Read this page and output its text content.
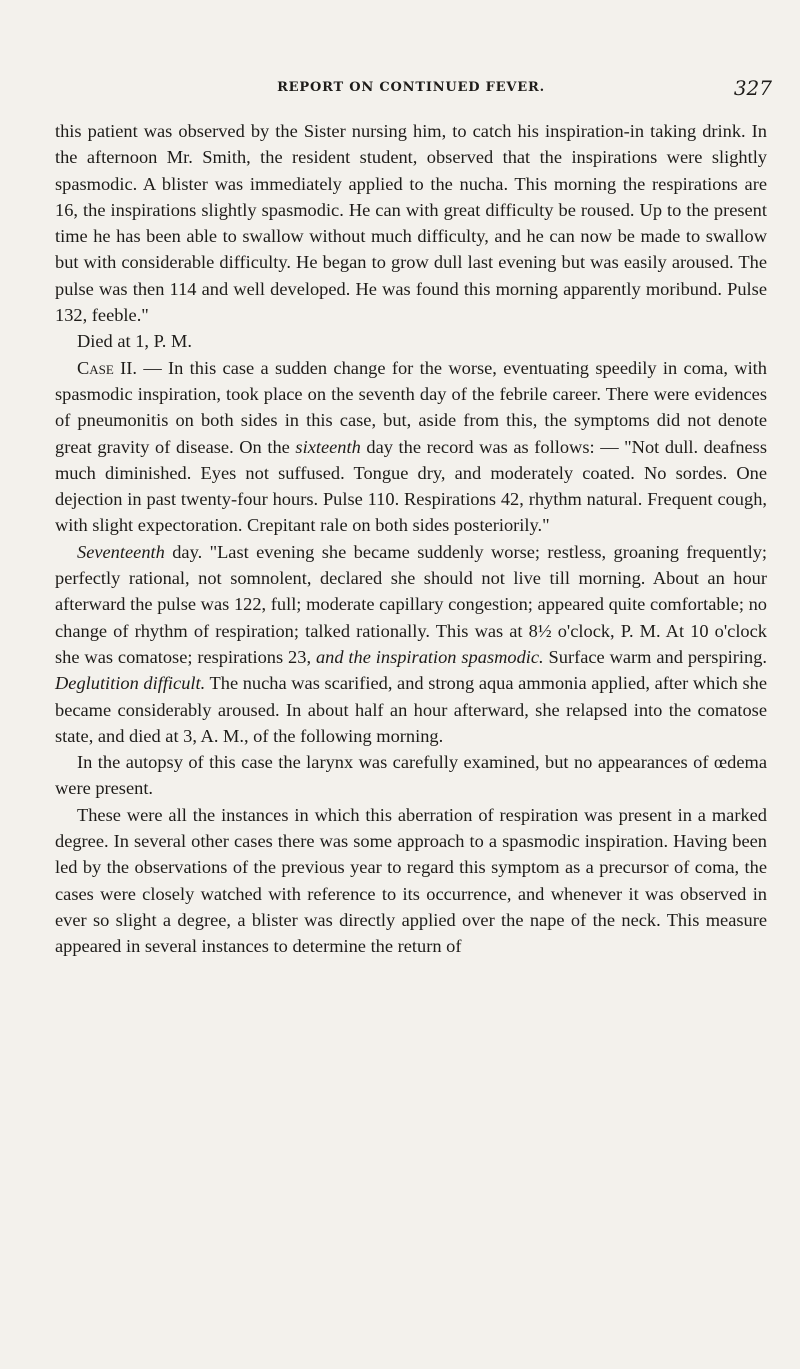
REPORT ON CONTINUED FEVER.	327

this patient was observed by the Sister nursing him, to catch his inspiration-in taking drink. In the afternoon Mr. Smith, the resident student, observed that the inspirations were slightly spasmodic. A blister was immediately applied to the nucha. This morning the respirations are 16, the inspirations slightly spasmodic. He can with great difficulty be roused. Up to the present time he has been able to swallow without much difficulty, and he can now be made to swallow but with considerable difficulty. He began to grow dull last evening but was easily aroused. The pulse was then 114 and well developed. He was found this morning apparently moribund. Pulse 132, feeble."

Died at 1, P. M.

Case II. — In this case a sudden change for the worse, eventuating speedily in coma, with spasmodic inspiration, took place on the seventh day of the febrile career. There were evidences of pneumonitis on both sides in this case, but, aside from this, the symptoms did not denote great gravity of disease. On the sixteenth day the record was as follows: — "Not dull. deafness much diminished. Eyes not suffused. Tongue dry, and moderately coated. No sordes. One dejection in past twenty-four hours. Pulse 110. Respirations 42, rhythm natural. Frequent cough, with slight expectoration. Crepitant rale on both sides posteriorily."

Seventeenth day. "Last evening she became suddenly worse; restless, groaning frequently; perfectly rational, not somnolent, declared she should not live till morning. About an hour afterward the pulse was 122, full; moderate capillary congestion; appeared quite comfortable; no change of rhythm of respiration; talked rationally. This was at 8½ o'clock, P. M. At 10 o'clock she was comatose; respirations 23, and the inspiration spasmodic. Surface warm and perspiring. Deglutition difficult. The nucha was scarified, and strong aqua ammonia applied, after which she became considerably aroused. In about half an hour afterward, she relapsed into the comatose state, and died at 3, A. M., of the following morning.

In the autopsy of this case the larynx was carefully examined, but no appearances of œdema were present.

These were all the instances in which this aberration of respiration was present in a marked degree. In several other cases there was some approach to a spasmodic inspiration. Having been led by the observations of the previous year to regard this symptom as a precursor of coma, the cases were closely watched with reference to its occurrence, and whenever it was observed in ever so slight a degree, a blister was directly applied over the nape of the neck. This measure appeared in several instances to determine the return of
